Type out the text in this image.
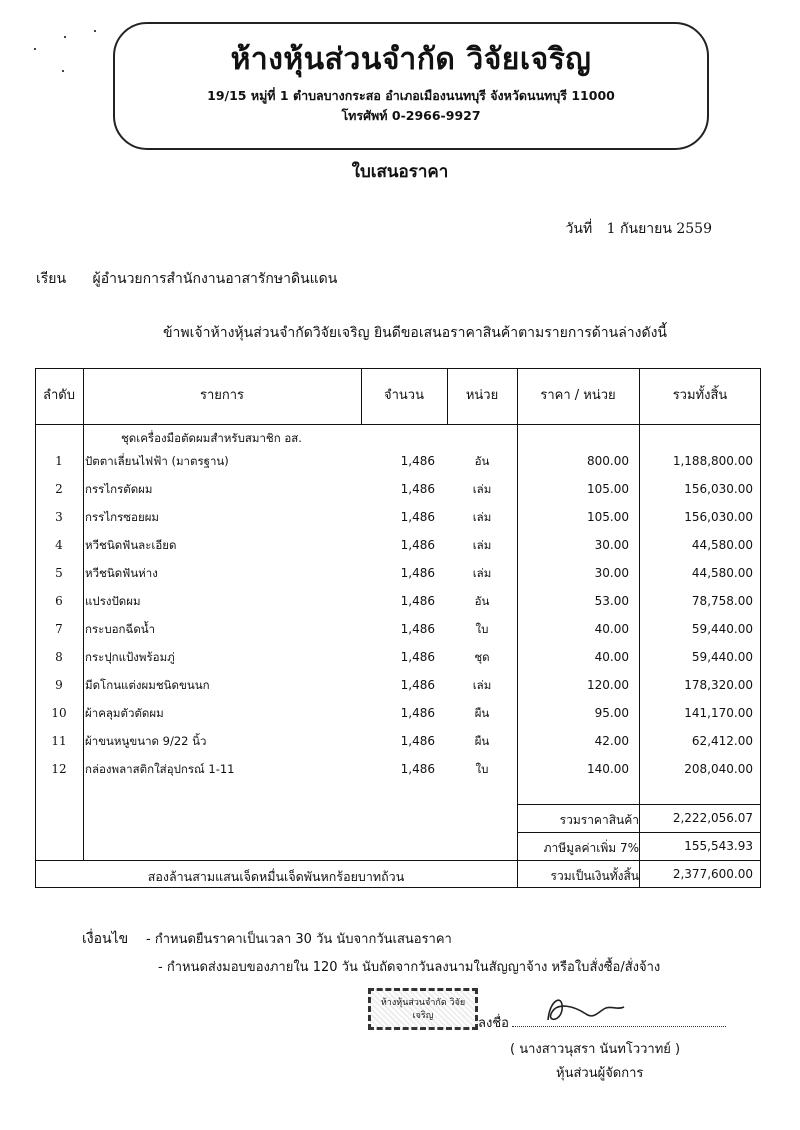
ห้างหุ้นส่วนจำกัด วิจัยเจริญ
19/15 หมู่ที่ 1 ตำบลบางกระสอ อำเภอเมืองนนทบุรี จังหวัดนนทบุรี 11000
โทรศัพท์ 0-2966-9927
ใบเสนอราคา
วันที่ 1 กันยายน 2559
เรียน ผู้อำนวยการสำนักงานอาสารักษาดินแดน
ข้าพเจ้าห้างหุ้นส่วนจำกัดวิจัยเจริญ ยินดีขอเสนอราคาสินค้าตามรายการด้านล่างดังนี้
ลำดับ	รายการ	จำนวน	หน่วย	ราคา / หน่วย	รวมทั้งสิ้น
ชุดเครื่องมือตัดผมสำหรับสมาชิก อส.
1	ปัตตาเลี่ยนไฟฟ้า (มาตรฐาน)	1,486	อัน	800.00	1,188,800.00
2	กรรไกรตัดผม	1,486	เล่ม	105.00	156,030.00
3	กรรไกรซอยผม	1,486	เล่ม	105.00	156,030.00
4	หวีชนิดฟันละเอียด	1,486	เล่ม	30.00	44,580.00
5	หวีชนิดฟันห่าง	1,486	เล่ม	30.00	44,580.00
6	แปรงปัดผม	1,486	อัน	53.00	78,758.00
7	กระบอกฉีดน้ำ	1,486	ใบ	40.00	59,440.00
8	กระปุกแป้งพร้อมภู่	1,486	ชุด	40.00	59,440.00
9	มีดโกนแต่งผมชนิดขนนก	1,486	เล่ม	120.00	178,320.00
10	ผ้าคลุมตัวตัดผม	1,486	ผืน	95.00	141,170.00
11	ผ้าขนหนูขนาด 9/22 นิ้ว	1,486	ผืน	42.00	62,412.00
12	กล่องพลาสติกใส่อุปกรณ์ 1-11	1,486	ใบ	140.00	208,040.00
รวมราคาสินค้า	2,222,056.07
ภาษีมูลค่าเพิ่ม 7%	155,543.93
สองล้านสามแสนเจ็ดหมื่นเจ็ดพันหกร้อยบาทถ้วน	รวมเป็นเงินทั้งสิ้น	2,377,600.00
เงื่อนไข - กำหนดยืนราคาเป็นเวลา 30 วัน นับจากวันเสนอราคา
- กำหนดส่งมอบของภายใน 120 วัน นับถัดจากวันลงนามในสัญญาจ้าง หรือใบสั่งซื้อ/สั่งจ้าง
ห้างหุ้นส่วนจำกัด วิจัยเจริญ	ลงชื่อ
( นางสาวนุสรา นันทโววาทย์ )
หุ้นส่วนผู้จัดการ
